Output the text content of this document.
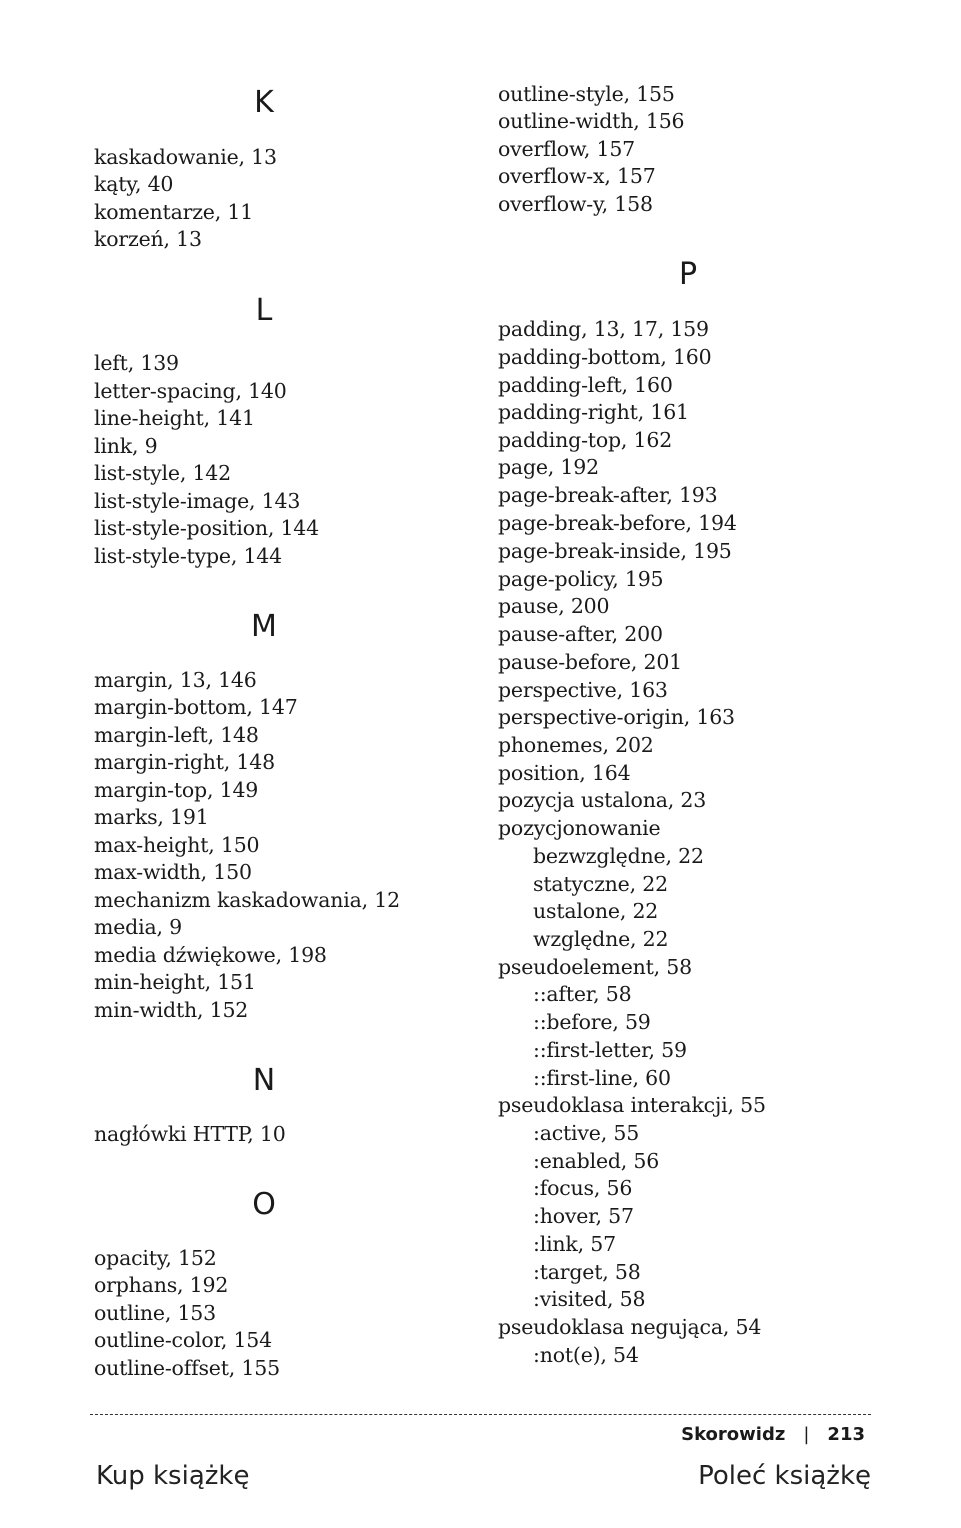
K
kaskadowanie, 13
kąty, 40
komentarze, 11
korzeń, 13
L
left, 139
letter-spacing, 140
line-height, 141
link, 9
list-style, 142
list-style-image, 143
list-style-position, 144
list-style-type, 144
M
margin, 13, 146
margin-bottom, 147
margin-left, 148
margin-right, 148
margin-top, 149
marks, 191
max-height, 150
max-width, 150
mechanizm kaskadowania, 12
media, 9
media dźwiękowe, 198
min-height, 151
min-width, 152
N
nagłówki HTTP, 10
O
opacity, 152
orphans, 192
outline, 153
outline-color, 154
outline-offset, 155
outline-style, 155
outline-width, 156
overflow, 157
overflow-x, 157
overflow-y, 158
P
padding, 13, 17, 159
padding-bottom, 160
padding-left, 160
padding-right, 161
padding-top, 162
page, 192
page-break-after, 193
page-break-before, 194
page-break-inside, 195
page-policy, 195
pause, 200
pause-after, 200
pause-before, 201
perspective, 163
perspective-origin, 163
phonemes, 202
position, 164
pozycja ustalona, 23
pozycjonowanie
bezwzględne, 22
statyczne, 22
ustalone, 22
względne, 22
pseudoelement, 58
::after, 58
::before, 59
::first-letter, 59
::first-line, 60
pseudoklasa interakcji, 55
:active, 55
:enabled, 56
:focus, 56
:hover, 57
:link, 57
:target, 58
:visited, 58
pseudoklasa negująca, 54
:not(e), 54
Skorowidz | 213
Kup książkę	Poleć książkę
